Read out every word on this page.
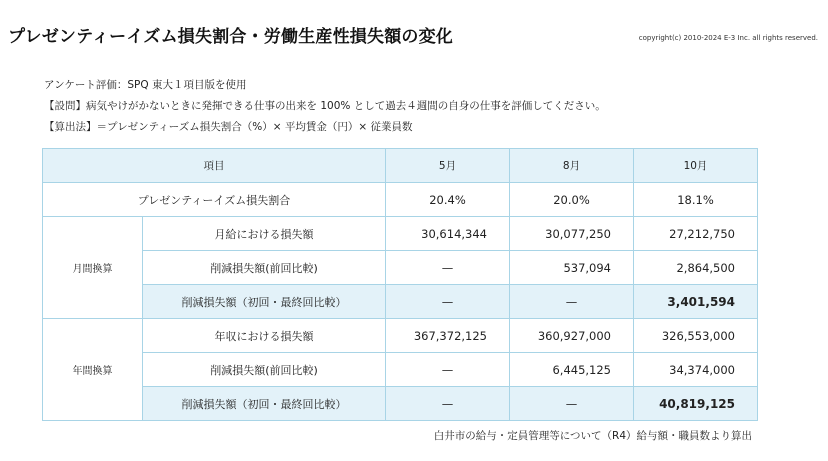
プレゼンティーイズム損失割合・労働生産性損失額の変化	copyright(c) 2010-2024 E-3 Inc. all rights reserved.
アンケート評価：SPQ 東大１項目版を使用
【設問】病気やけがかないときに発揮できる仕事の出来を 100% として過去４週間の自身の仕事を評価してください。
【算出法】＝プレゼンティーズム損失割合（%）× 平均賃金（円）× 従業員数
項目		5月	8月	10月
プレゼンティーイズム損失割合		20.4%	20.0%	18.1%
月間換算	月給における損失額	30,614,344	30,077,250	27,212,750
	削減損失額(前回比較)	—	537,094	2,864,500
	削減損失額（初回・最終回比較）	—	—	3,401,594
年間換算	年収における損失額	367,372,125	360,927,000	326,553,000
	削減損失額(前回比較)	—	6,445,125	34,374,000
	削減損失額（初回・最終回比較）	—	—	40,819,125
白井市の給与・定員管理等について（R4）給与額・職員数より算出
